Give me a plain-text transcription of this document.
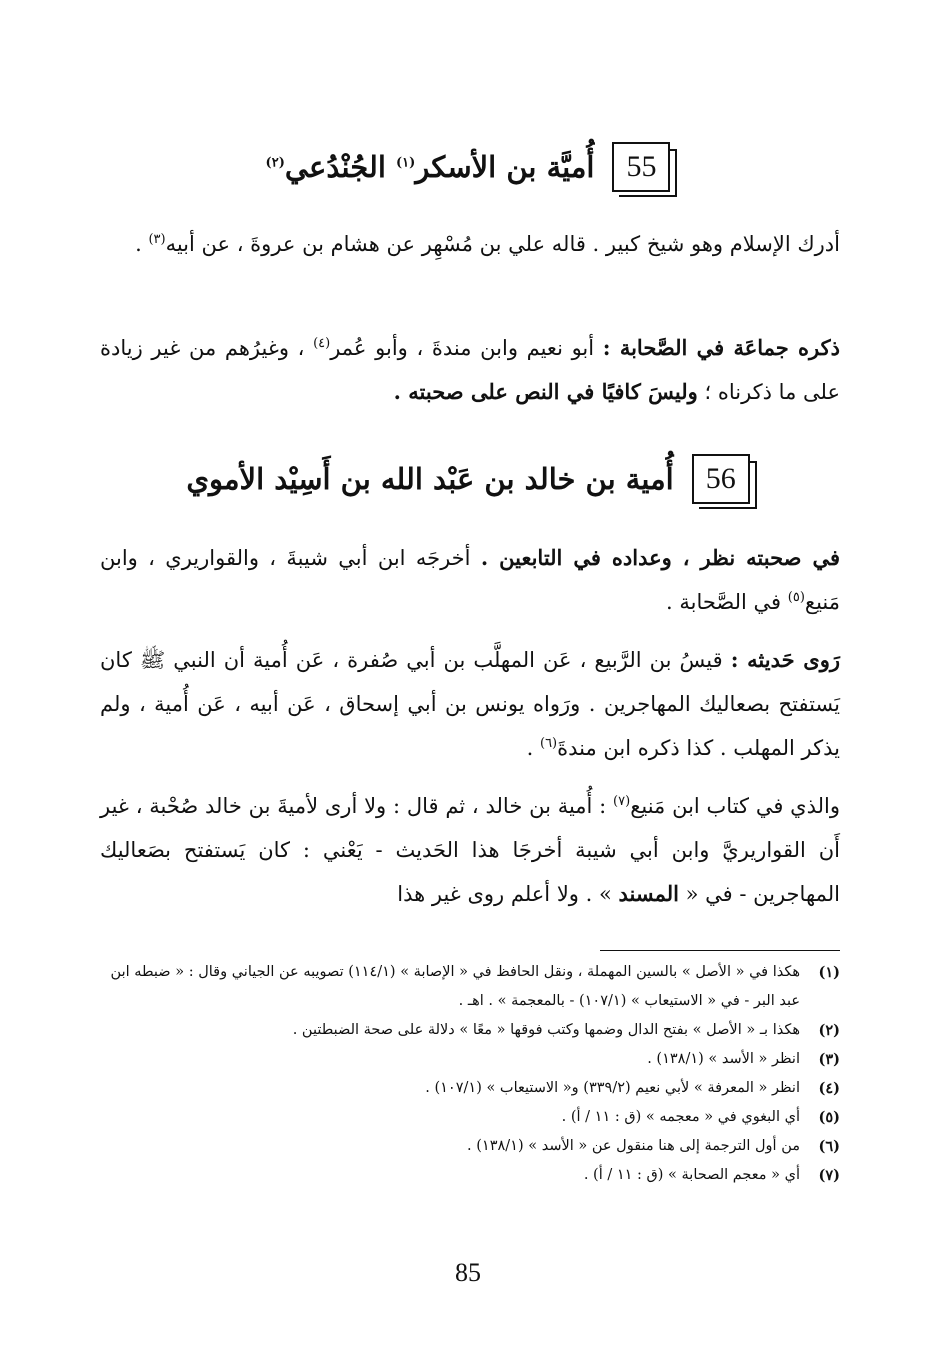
55
أُميَّة بن الأسكر$^{(١)}$ الجُنْدُعي$^{(٢)}$
أدرك الإسلام وهو شيخ كبير . قاله علي بن مُسْهِر عن هشام بن عروةَ ، عن أبيه$^{(٣)}$ .
ذكره جماعَة في الصَّحابة : أبو نعيم وابن مندةَ ، وأبو عُمر$^{(٤)}$ ، وغيرُهم من غير زيادة على ما ذكرناه ؛ وليسَ كافيًا في النص على صحبته .
56
أُمية بن خالد بن عَبْد الله بن أَسِيْد الأموي
في صحبته نظر ، وعداده في التابعين . أخرجَه ابن أبي شيبةَ ، والقواريري ، وابن مَنيع$^{(٥)}$ في الصَّحابة .
رَوى حَديثه : قيسُ بن الرَّبيع ، عَن المهلَّب بن أبي صُفرة ، عَن أُمية أن النبي ﷺ كان يَستفتح بصعاليك المهاجرين . ورَواه يونس بن أبي إسحاق ، عَن أبيه ، عَن أُمية ، ولم يذكر المهلب . كذا ذكره ابن مندةَ$^{(٦)}$ .
والذي في كتاب ابن مَنيع$^{(٧)}$ : أُمية بن خالد ، ثم قال : ولا أرى لأميةَ بن خالد صُحْبة ، غير أَن القواريريَّ وابن أبي شيبة أخرجَا هذا الحَديث - يَعْني : كان يَستفتح بصَعاليك المهاجرين - في « المسند » . ولا أعلم روى غير هذا
(١)
هكذا في « الأصل » بالسين المهملة ، ونقل الحافظ في « الإصابة » (١١٤/١) تصويبه عن الجياني وقال : « ضبطه ابن عبد البر - في « الاستيعاب » (١٠٧/١) - بالمعجمة » . اهـ .
(٢)
هكذا بـ « الأصل » بفتح الدال وضمها وكتب فوقها « معًا » دلالة على صحة الضبطتين .
(٣)
انظر « الأسد » (١٣٨/١) .
(٤)
انظر « المعرفة » لأبي نعيم (٣٣٩/٢) و« الاستيعاب » (١٠٧/١) .
(٥)
أي البغوي في « معجمه » (ق : ١١ / أ) .
(٦)
من أول الترجمة إلى هنا منقول عن « الأسد » (١٣٨/١) .
(٧)
أي « معجم الصحابة » (ق : ١١ / أ) .
85
